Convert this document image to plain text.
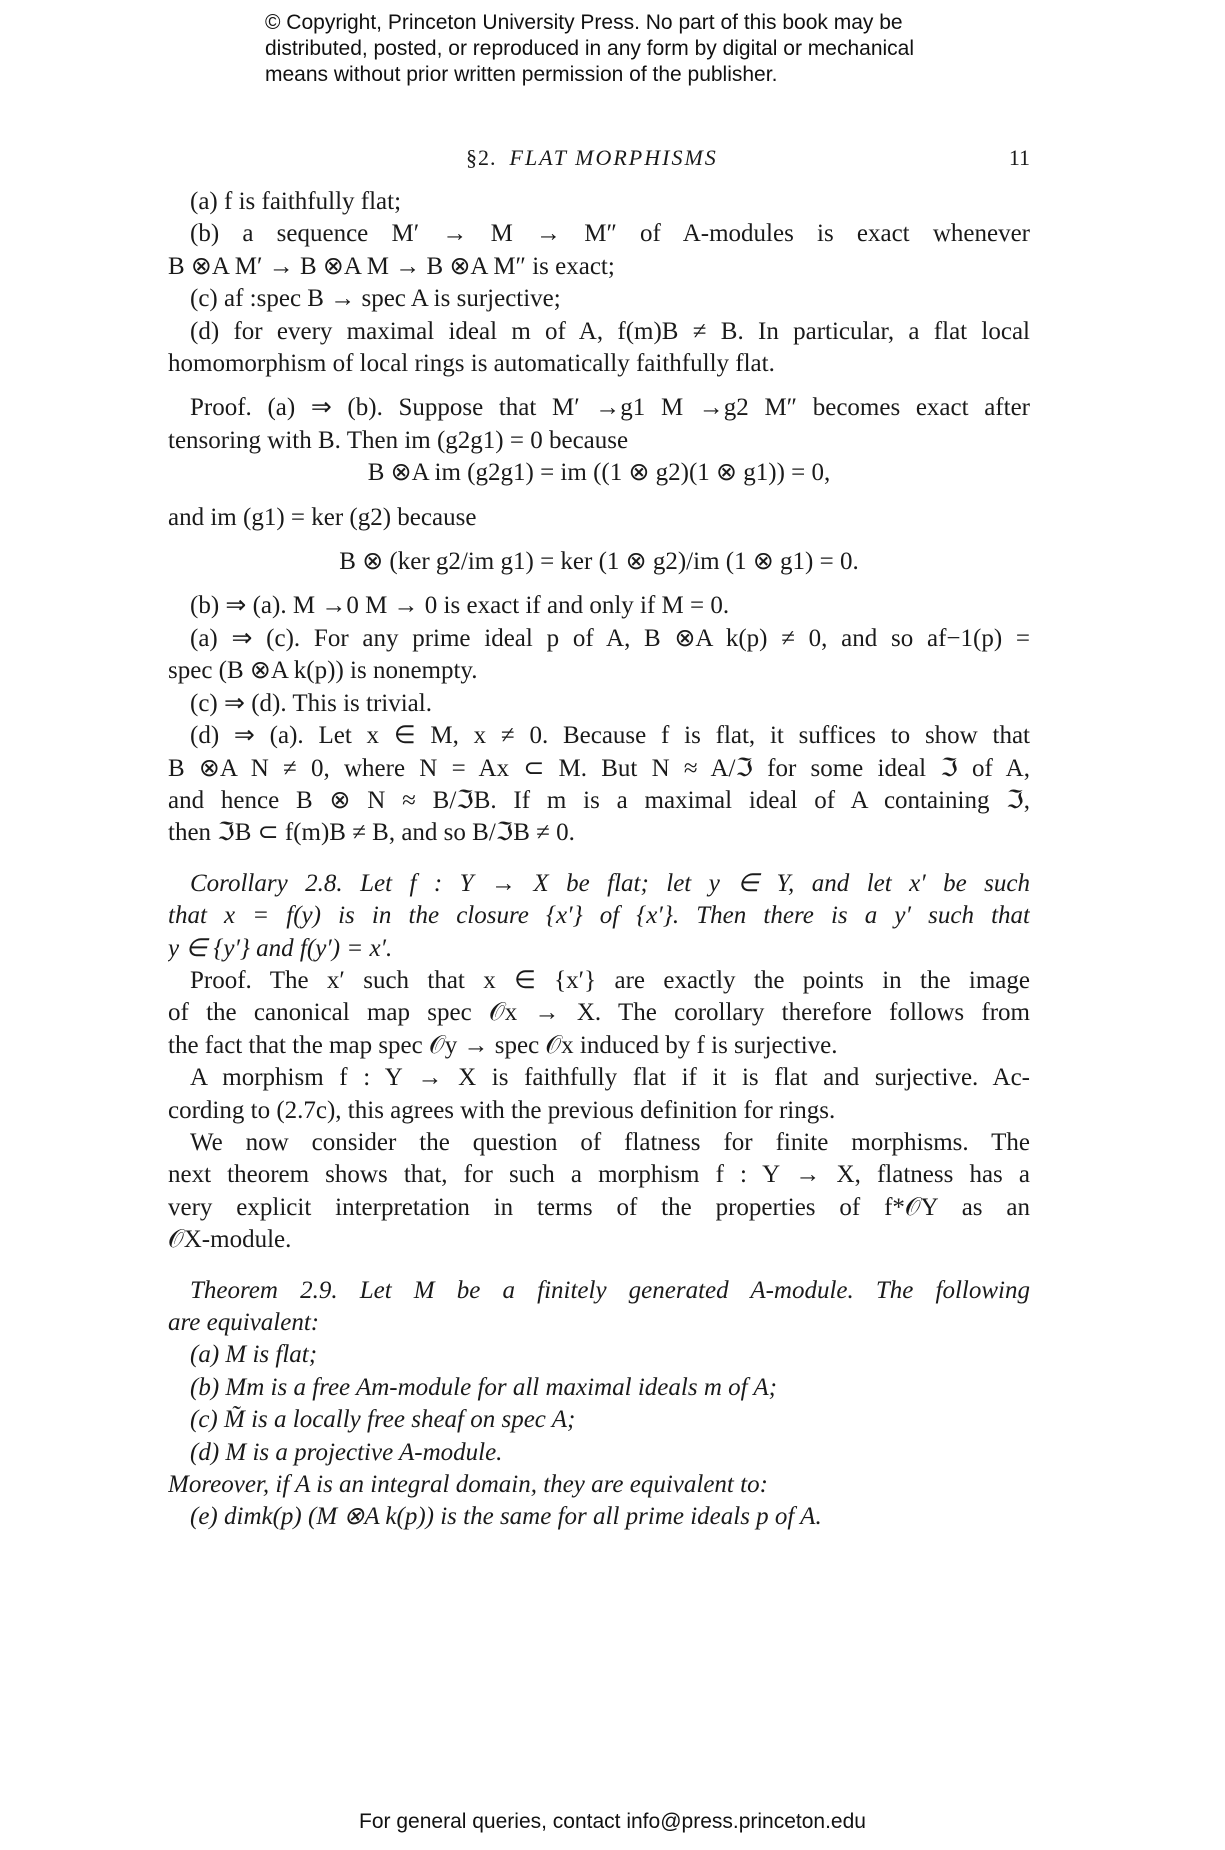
© Copyright, Princeton University Press. No part of this book may be
distributed, posted, or reproduced in any form by digital or mechanical
means without prior written permission of the publisher.
§2. FLAT MORPHISMS	11
(a) f is faithfully flat;
(b) a sequence M′ → M → M″ of A-modules is exact whenever
B ⊗A M′ → B ⊗A M → B ⊗A M″ is exact;
(c) af :spec B → spec A is surjective;
(d) for every maximal ideal m of A, f(m)B ≠ B. In particular, a flat local
homomorphism of local rings is automatically faithfully flat.
Proof. (a) ⇒ (b). Suppose that M′ →g1 M →g2 M″ becomes exact after
tensoring with B. Then im (g2g1) = 0 because
B ⊗A im (g2g1) = im ((1 ⊗ g2)(1 ⊗ g1)) = 0,
and im (g1) = ker (g2) because
B ⊗ (ker g2/im g1) = ker (1 ⊗ g2)/im (1 ⊗ g1) = 0.
(b) ⇒ (a). M →0 M → 0 is exact if and only if M = 0.
(a) ⇒ (c). For any prime ideal p of A, B ⊗A k(p) ≠ 0, and so af−1(p) =
spec (B ⊗A k(p)) is nonempty.
(c) ⇒ (d). This is trivial.
(d) ⇒ (a). Let x ∈ M, x ≠ 0. Because f is flat, it suffices to show that
B ⊗A N ≠ 0, where N = Ax ⊂ M. But N ≈ A/ℑ for some ideal ℑ of A,
and hence B ⊗ N ≈ B/ℑB. If m is a maximal ideal of A containing ℑ,
then ℑB ⊂ f(m)B ≠ B, and so B/ℑB ≠ 0.
Corollary 2.8. Let f : Y → X be flat; let y ∈ Y, and let x′ be such
that x = f(y) is in the closure {x′} of {x′}. Then there is a y′ such that
y ∈ {y′} and f(y′) = x′.
Proof. The x′ such that x ∈ {x′} are exactly the points in the image
of the canonical map spec 𝒪x → X. The corollary therefore follows from
the fact that the map spec 𝒪y → spec 𝒪x induced by f is surjective.
A morphism f : Y → X is faithfully flat if it is flat and surjective. Ac-
cording to (2.7c), this agrees with the previous definition for rings.
We now consider the question of flatness for finite morphisms. The
next theorem shows that, for such a morphism f : Y → X, flatness has a
very explicit interpretation in terms of the properties of f*𝒪Y as an
𝒪X-module.
Theorem 2.9. Let M be a finitely generated A-module. The following
are equivalent:
(a) M is flat;
(b) Mm is a free Am-module for all maximal ideals m of A;
(c) M̃ is a locally free sheaf on spec A;
(d) M is a projective A-module.
Moreover, if A is an integral domain, they are equivalent to:
(e) dimk(p) (M ⊗A k(p)) is the same for all prime ideals p of A.
For general queries, contact info@press.princeton.edu
